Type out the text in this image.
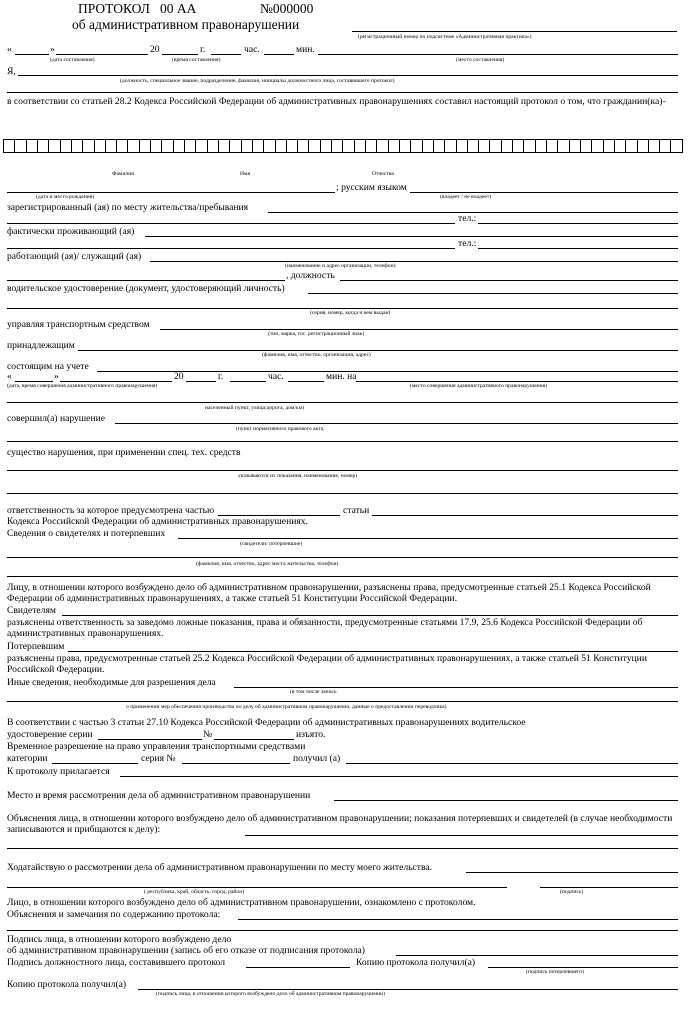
ПРОТОКОЛ 00 АА	№000000
об административном правонарушении
(регистрационный номер по подсистеме «Административная практика»)
«	»	20	г.	час.	мин.
(дата составления)	(время составления)	(место составления)
Я,
(должность, специальное звание, подразделение, фамилия, инициалы должностного лица, составившего протокол)
в соответствии со статьей 28.2 Кодекса Российской Федерации об административных правонарушениях составил настоящий протокол о том, что гражданин(ка)-
Фамилия	Имя	Отчество
; русским языком
(дата и место рождения)	(владеет / не владеет)
зарегистрированный (ая) по месту жительства/пребывания
тел.:
фактически проживающий (ая)
тел.:
работающий (ая)/ служащий (ая)
(наименование и адрес организации, телефон)
, должность
водительское удостоверение (документ, удостоверяющий личность)
(серия, номер, когда и кем выдан)
управляя транспортным средством
(тип, марка, гос. регистрационный знак)
принадлежащим
(фамилия, имя, отчество, организация, адрес)
состоящим на учете
«	»	20	г.	час.	мин. на
(дата, время совершения административного правонарушения)	(место совершения административного правонарушения)
населенный пункт, улица/дорога, дом/км)
совершил(а) нарушение
(пункт нормативного правового акта,
существо нарушения, при применении спец. тех. средств
указываются их показания, наименование, номер)
ответственность за которое предусмотрена частью	статьи
Кодекса Российской Федерации об административных правонарушениях.
Сведения о свидетелях и потерпевших
(свидетели/ потерпевшие)
(фамилия, имя, отчество, адрес места жительства, телефон)
Лицу, в отношении которого возбуждено дело об административном правонарушении, разъяснены права, предусмотренные статьей 25.1 Кодекса Российской Федерации об административных правонарушениях, а также статьей 51 Конституции Российской Федерации.
Свидетелям
разъяснены ответственность за заведомо ложные показания, права и обязанности, предусмотренные статьями 17.9, 25.6 Кодекса Российской Федерации об административных правонарушениях.
Потерпевшим
разъяснены права, предусмотренные статьей 25.2 Кодекса Российской Федерации об административных правонарушениях, а также статьей 51 Конституции Российской Федерации.
Иные сведения, необходимые для разрешения дела
(в том числе запись
о применении мер обеспечения производства по делу об административном правонарушении, данные о предоставлении переводчика)
В соответствии с частью 3 статьи 27.10 Кодекса Российской Федерации об административных правонарушениях водительское
удостоверение серии	№	изъято.
Временное разрешение на право управления транспортными средствами
категории	серия №	получил (а)
К протоколу прилагается
Место и время рассмотрения дела об административном правонарушении
Объяснения лица, в отношении которого возбуждено дело об административном правонарушении; показания потерпевших и свидетелей (в случае необходимости записываются и прибщаются к делу):
Ходатайствую о рассмотрении дела об административном правонарушении по месту моего жительства.
( республика, край, область, город, район)	(подпись)
Лицо, в отношении которого возбуждено дело об административном правонарушении, ознакомлено с протоколом.
Объяснения и замечания по содержанию протокола:
Подпись лица, в отношении которого возбуждено дело
об административном правонарушении (запись об его отказе от подписания протокола)
Подпись должностного лица, составившего протокол	Копию протокола получил(а)
(подпись потерпевшего)
Копию протокола получил(а)
(подпись лица, в отношении которого возбуждено дело об административном правонарушении)
